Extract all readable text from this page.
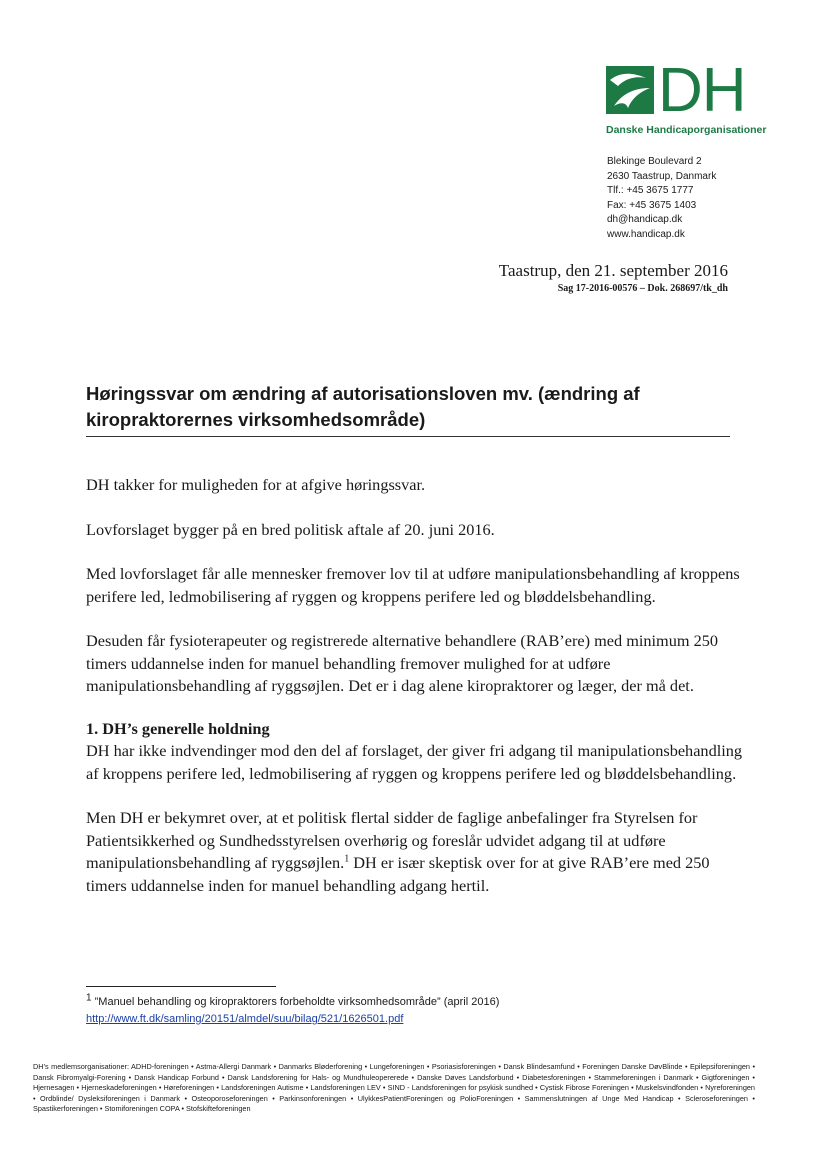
DH
Danske Handicaporganisationer
Blekinge Boulevard 2
2630 Taastrup, Danmark
Tlf.: +45 3675 1777
Fax: +45 3675 1403
dh@handicap.dk
www.handicap.dk
Taastrup, den 21. september 2016
Sag 17-2016-00576 – Dok. 268697/tk_dh
Høringssvar om ændring af autorisationsloven mv. (ændring af kiropraktorernes virksomhedsområde)

DH takker for muligheden for at afgive høringssvar.

Lovforslaget bygger på en bred politisk aftale af 20. juni 2016.

Med lovforslaget får alle mennesker fremover lov til at udføre manipulationsbehandling af kroppens perifere led, ledmobilisering af ryggen og kroppens perifere led og bløddelsbehandling.

Desuden får fysioterapeuter og registrerede alternative behandlere (RAB’ere) med minimum 250 timers uddannelse inden for manuel behandling fremover mulighed for at udføre manipulationsbehandling af ryggsøjlen. Det er i dag alene kiropraktorer og læger, der må det.

1. DH’s generelle holdning

DH har ikke indvendinger mod den del af forslaget, der giver fri adgang til manipulationsbehandling af kroppens perifere led, ledmobilisering af ryggen og kroppens perifere led og bløddelsbehandling.

Men DH er bekymret over, at et politisk flertal sidder de faglige anbefalinger fra Styrelsen for Patientsikkerhed og Sundhedsstyrelsen overhørig og foreslår udvidet adgang til at udføre manipulationsbehandling af ryggsøjlen.$^1$ DH er især skeptisk over for at give RAB’ere med 250 timers uddannelse inden for manuel behandling adgang hertil.

$^1$ ”Manuel behandling og kiropraktorers forbeholdte virksomhedsområde” (april 2016)
http://www.ft.dk/samling/20151/almdel/suu/bilag/521/1626501.pdf
DH’s medlemsorganisationer: ADHD-foreningen • Astma-Allergi Danmark • Danmarks Bløderforening • Lungeforeningen • Psoriasisforeningen • Dansk Blindesamfund • Foreningen Danske DøvBlinde • Epilepsiforeningen • Dansk Fibromyalgi-Forening • Dansk Handicap Forbund • Dansk Landsforening for Hals- og Mundhuleopererede • Danske Døves Landsforbund • Diabetesforeningen • Stammeforeningen i Danmark • Gigtforeningen • Hjernesagen • Hjerneskadeforeningen • Høreforeningen • Landsforeningen Autisme • Landsforeningen LEV • SIND - Landsforeningen for psykisk sundhed • Cystisk Fibrose Foreningen • Muskelsvindfonden • Nyreforeningen • Ordblinde/ Dysleksiforeningen i Danmark • Osteoporoseforeningen • Parkinsonforeningen • UlykkesPatientForeningen og PolioForeningen • Sammenslutningen af Unge Med Handicap • Scleroseforeningen • Spastikerforeningen • Stomiforeningen COPA • Stofskifteforeningen
